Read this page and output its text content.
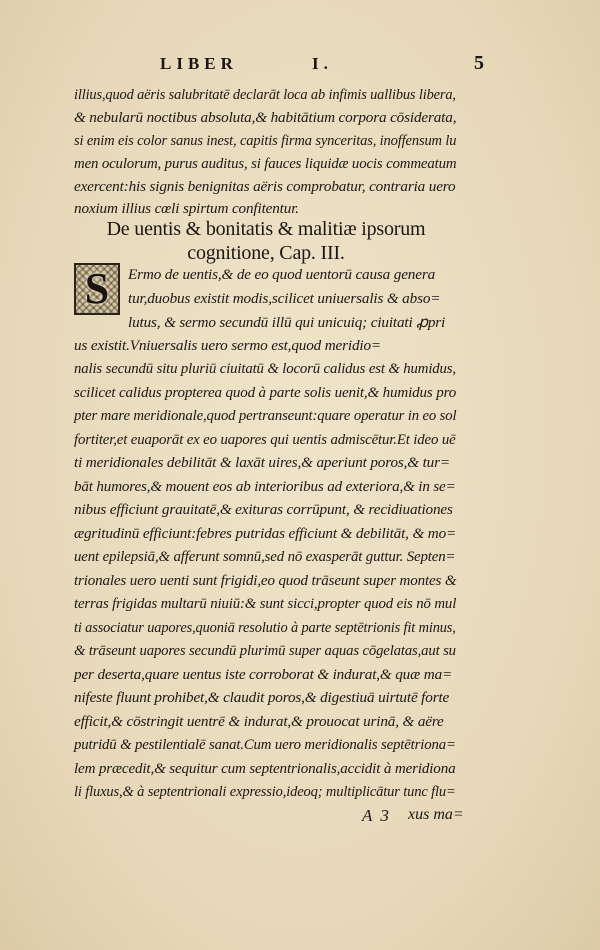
LIBER	I.	5
illius,quod aëris salubritatē declarāt loca ab infimis uallibus libera,
& nebularū noctibus absoluta,& habitātium corpora cōsiderata,
si enim eis color sanus inest, capitis firma synceritas, inoffensum lu
men oculorum, purus auditus, si fauces liquidæ uocis commeatum
exercent:his signis benignitas aëris comprobatur, contraria uero
noxium illius cœli spirtum confitentur.
De uentis & bonitatis & malitiæ ipsorum
cognitione, Cap. III.
S Ermo de uentis,& de eo quod uentorū causa genera
tur,duobus existit modis,scilicet uniuersalis & abso=
lutus, & sermo secundū illū qui unicuiq; ciuitati ꝓpri
us existit.Vniuersalis uero sermo est,quod meridio=
nalis secundū situ pluriū ciuitatū & locorū calidus est & humidus,
scilicet calidus propterea quod à parte solis uenit,& humidus pro
pter mare meridionale,quod pertranseunt:quare operatur in eo sol
fortiter,et euaporāt ex eo uapores qui uentis admiscētur.Et ideo uē
ti meridionales debilitāt & laxāt uires,& aperiunt poros,& tur=
bāt humores,& mouent eos ab interioribus ad exteriora,& in se=
nibus efficiunt grauitatē,& exituras corrūpunt, & recidiuationes
ægritudinū efficiunt:febres putridas efficiunt & debilitāt, & mo=
uent epilepsiā,& afferunt somnū,sed nō exasperāt guttur. Septen=
trionales uero uenti sunt frigidi,eo quod trāseunt super montes &
terras frigidas multarū niuiū:& sunt sicci,propter quod eis nō mul
ti associatur uapores,quoniā resolutio à parte septētrionis fit minus,
& trāseunt uapores secundū plurimū super aquas cōgelatas,aut su
per deserta,quare uentus iste corroborat & indurat,& quæ ma=
nifeste fluunt prohibet,& claudit poros,& digestiuā uirtutē forte
efficit,& cōstringit uentrē & indurat,& prouocat urinā, & aëre
putridū & pestilentialē sanat.Cum uero meridionalis septētriona=
lem præcedit,& sequitur cum septentrionalis,accidit à meridiona
li fluxus,& à septentrionali expressio,ideoq; multiplicātur tunc flu=
A 3 xus ma=
